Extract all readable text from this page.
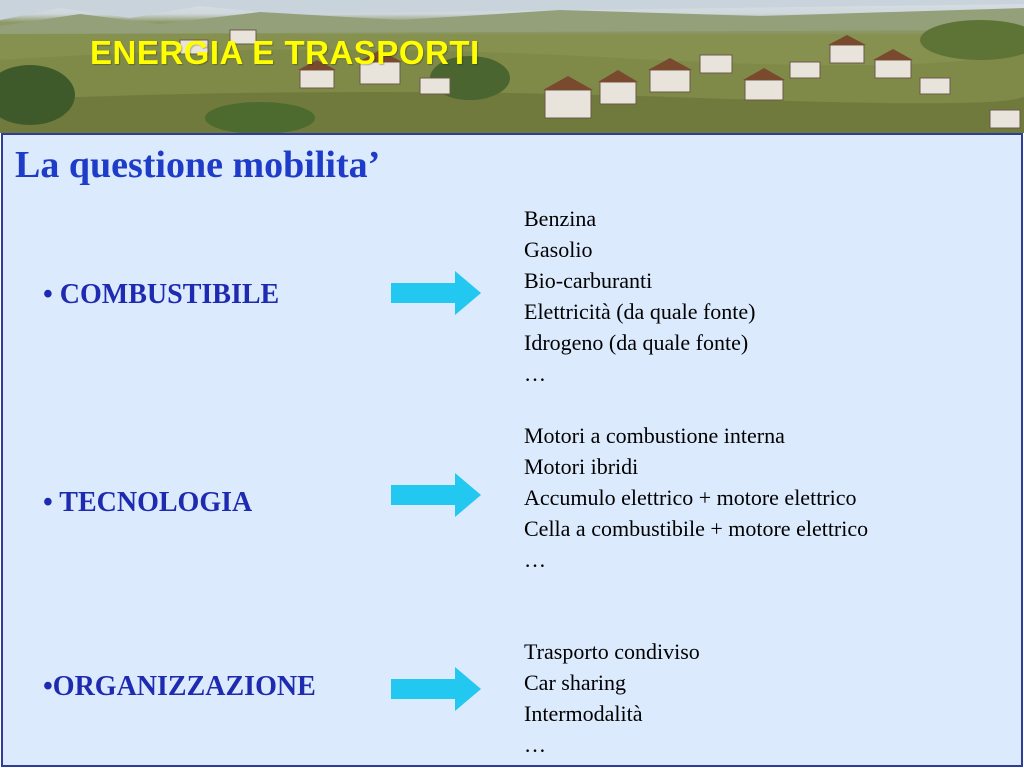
ENERGIA E TRASPORTI
La questione mobilita’
• COMBUSTIBILE
Benzina
Gasolio
Bio-carburanti
Elettricità (da quale fonte)
Idrogeno (da quale fonte)
…
• TECNOLOGIA
Motori a combustione interna
Motori ibridi
Accumulo elettrico + motore elettrico
Cella a combustibile + motore elettrico
…
•ORGANIZZAZIONE
Trasporto condiviso
Car sharing
Intermodalità
…
